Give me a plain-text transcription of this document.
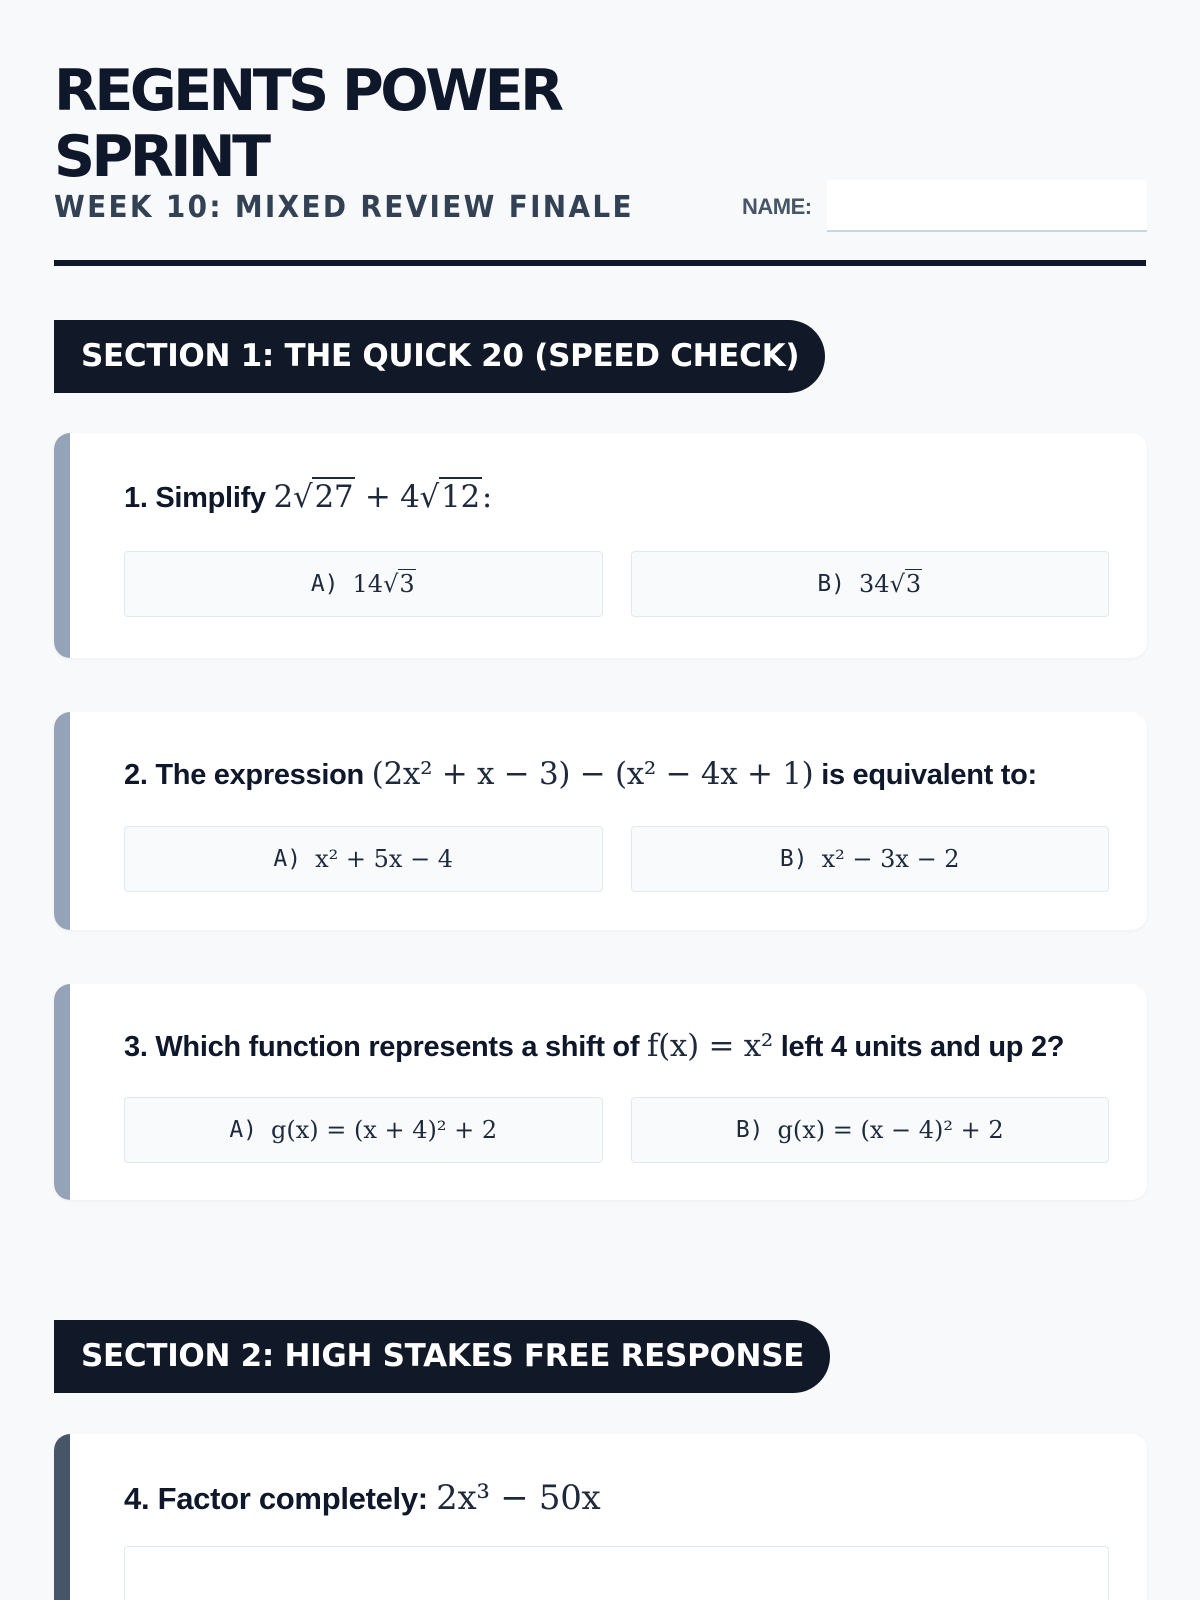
REGENTS POWER SPRINT
WEEK 10: MIXED REVIEW FINALE	NAME:
SECTION 1: THE QUICK 20 (SPEED CHECK)
1. Simplify 2√27 + 4√12:
A) 14√3	B) 34√3
2. The expression (2x² + x − 3) − (x² − 4x + 1) is equivalent to:
A) x² + 5x − 4	B) x² − 3x − 2
3. Which function represents a shift of f(x) = x² left 4 units and up 2?
A) g(x) = (x + 4)² + 2	B) g(x) = (x − 4)² + 2
SECTION 2: HIGH STAKES FREE RESPONSE
4. Factor completely: 2x³ − 50x
